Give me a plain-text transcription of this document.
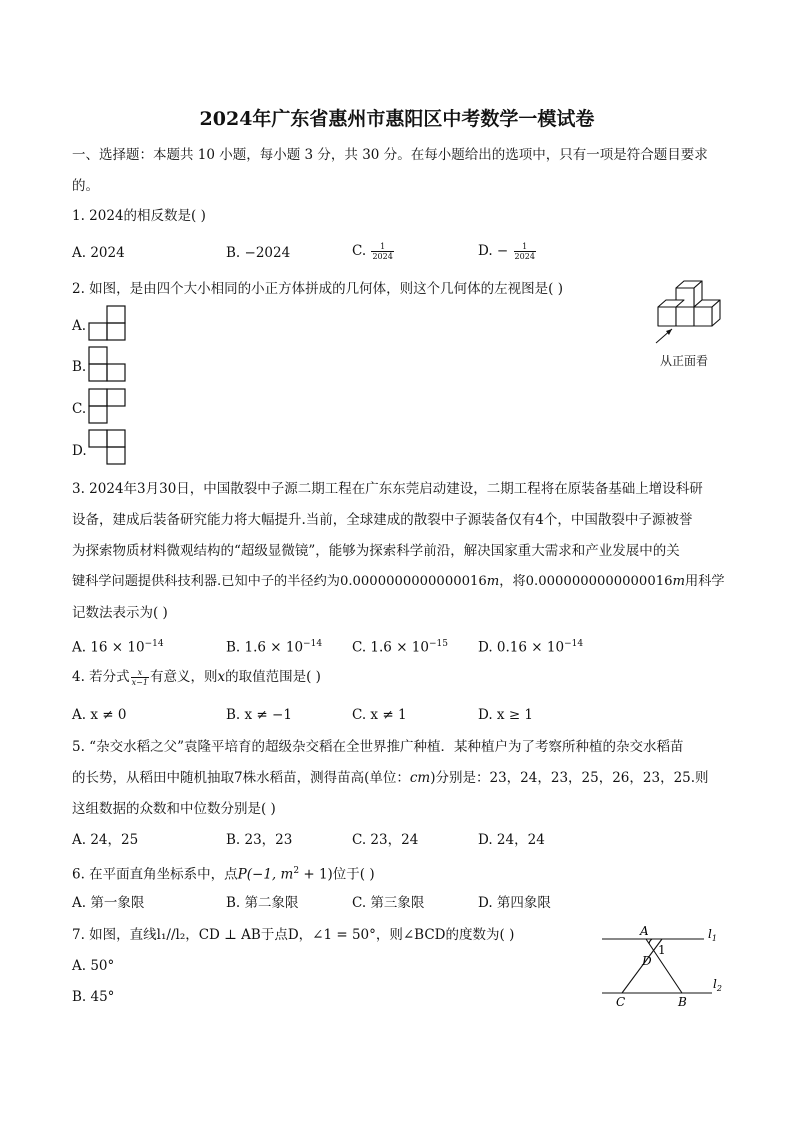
2024年广东省惠州市惠阳区中考数学一模试卷
一、选择题：本题共 10 小题，每小题 3 分，共 30 分。在每小题给出的选项中，只有一项是符合题目要求
的。
1. 2024的相反数是( )
A. 2024	B. −2024	C. $\frac{1}{2024}$	D. − $\frac{1}{2024}$
2. 如图，是由四个大小相同的小正方体拼成的几何体，则这个几何体的左视图是( )
A.
B.
C.
D.
从正面看
3. 2024年3月30日，中国散裂中子源二期工程在广东东莞启动建设，二期工程将在原装备基础上增设科研
设备，建成后装备研究能力将大幅提升.当前，全球建成的散裂中子源装备仅有4个，中国散裂中子源被誉
为探索物质材料微观结构的“超级显微镜”，能够为探索科学前沿，解决国家重大需求和产业发展中的关
键科学问题提供科技利器.已知中子的半径约为0.0000000000000016m，将0.0000000000000016m用科学
记数法表示为( )
A. $16 \times 10^{-14}$	B. $1.6 \times 10^{-14}$ C. $1.6 \times 10^{-15}$ D. $0.16 \times 10^{-14}$
4. 若分式 $\frac{x}{x-1}$ 有意义，则x的取值范围是( )
A. x ≠ 0	B. x ≠ −1	C. x ≠ 1	D. x ≥ 1
5. “杂交水稻之父”袁隆平培育的超级杂交稻在全世界推广种植．某种植户为了考察所种植的杂交水稻苗
的长势，从稻田中随机抽取7株水稻苗，测得苗高(单位：cm)分别是：23，24，23，25，26，23，25.则
这组数据的众数和中位数分别是( )
A. 24，25	B. 23，23	C. 23，24	D. 24，24
6. 在平面直角坐标系中，点P(−1, $m^2 + 1$)位于( )
A. 第一象限	B. 第二象限	C. 第三象限	D. 第四象限
7. 如图，直线l₁//l₂，CD ⊥ AB于点D，∠1 = 50°，则∠BCD的度数为( )
A. 50°
B. 45°
A
1
D
C	B
$l_1$
$l_2$
